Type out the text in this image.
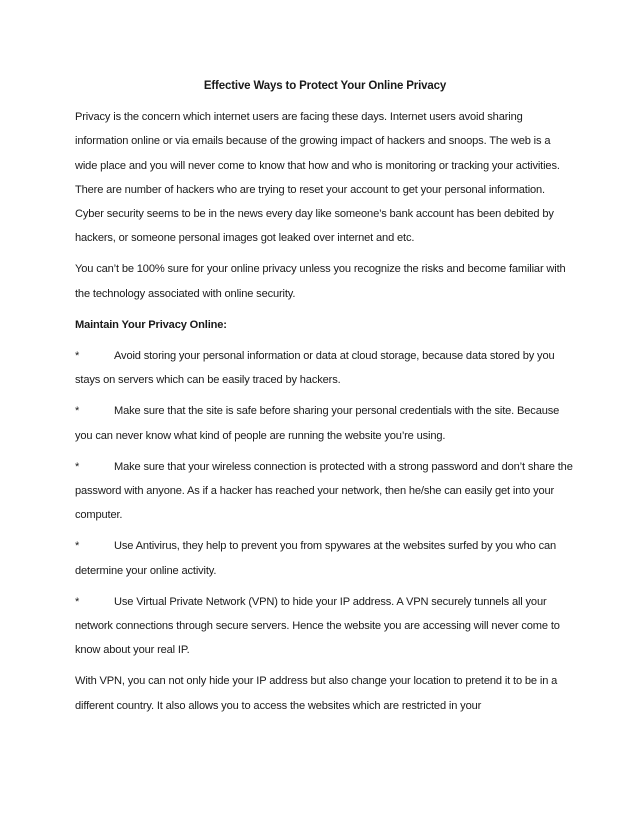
Effective Ways to Protect Your Online Privacy

Privacy is the concern which internet users are facing these days. Internet users avoid sharing information online or via emails because of the growing impact of hackers and snoops. The web is a wide place and you will never come to know that how and who is monitoring or tracking your activities. There are number of hackers who are trying to reset your account to get your personal information. Cyber security seems to be in the news every day like someone’s bank account has been debited by hackers, or someone personal images got leaked over internet and etc.

You can’t be 100% sure for your online privacy unless you recognize the risks and become familiar with the technology associated with online security.

Maintain Your Privacy Online:
*	Avoid storing your personal information or data at cloud storage, because data stored by you stays on servers which can be easily traced by hackers.
*	Make sure that the site is safe before sharing your personal credentials with the site. Because you can never know what kind of people are running the website you’re using.
*	Make sure that your wireless connection is protected with a strong password and don’t share the password with anyone. As if a hacker has reached your network, then he/she can easily get into your computer.
*	Use Antivirus, they help to prevent you from spywares at the websites surfed by you who can determine your online activity.
*	Use Virtual Private Network (VPN) to hide your IP address. A VPN securely tunnels all your network connections through secure servers. Hence the website you are accessing will never come to know about your real IP.

With VPN, you can not only hide your IP address but also change your location to pretend it to be in a different country. It also allows you to access the websites which are restricted in your
